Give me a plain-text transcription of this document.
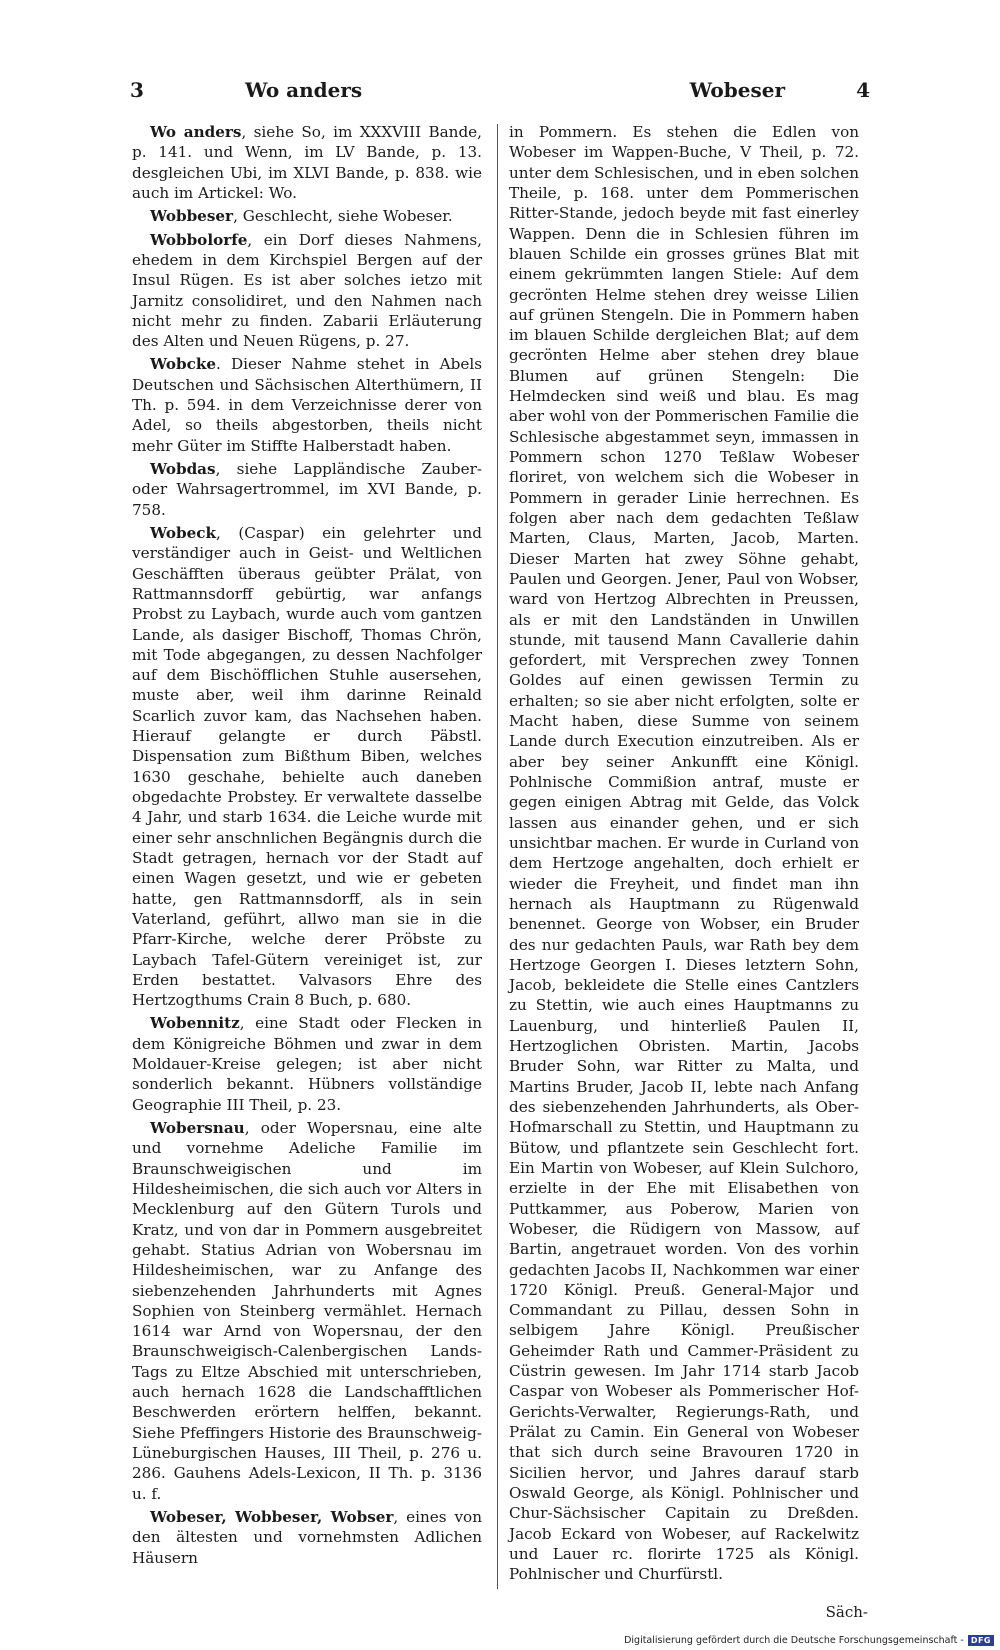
3	Wo anders	Wobeser	4

Wo anders, siehe So, im XXXVIII Bande, p. 141. und Wenn, im LV Bande, p. 13. desgleichen Ubi, im XLVI Bande, p. 838. wie auch im Artickel: Wo.

Wobbeser, Geschlecht, siehe Wobeser.

Wobbolorfe, ein Dorf dieses Nahmens, ehedem in dem Kirchspiel Bergen auf der Insul Rügen. Es ist aber solches ietzo mit Jarnitz consolidiret, und den Nahmen nach nicht mehr zu finden. Zabarii Erläuterung des Alten und Neuen Rügens, p. 27.

Wobcke. Dieser Nahme stehet in Abels Deutschen und Sächsischen Alterthümern, II Th. p. 594. in dem Verzeichnisse derer von Adel, so theils abgestorben, theils nicht mehr Güter im Stiffte Halberstadt haben.

Wobdas, siehe Lappländische Zauber- oder Wahrsagertrommel, im XVI Bande, p. 758.

Wobeck, (Caspar) ein gelehrter und verständiger auch in Geist- und Weltlichen Geschäfften überaus geübter Prälat, von Rattmannsdorff gebürtig, war anfangs Probst zu Laybach, wurde auch vom gantzen Lande, als dasiger Bischoff, Thomas Chrön, mit Tode abgegangen, zu dessen Nachfolger auf dem Bischöfflichen Stuhle ausersehen, muste aber, weil ihm darinne Reinald Scarlich zuvor kam, das Nachsehen haben. Hierauf gelangte er durch Päbstl. Dispensation zum Bißthum Biben, welches 1630 geschahe, behielte auch daneben obgedachte Probstey. Er verwaltete dasselbe 4 Jahr, und starb 1634. die Leiche wurde mit einer sehr anschnlichen Begängnis durch die Stadt getragen, hernach vor der Stadt auf einen Wagen gesetzt, und wie er gebeten hatte, gen Rattmannsdorff, als in sein Vaterland, geführt, allwo man sie in die Pfarr-Kirche, welche derer Pröbste zu Laybach Tafel-Gütern vereiniget ist, zur Erden bestattet. Valvasors Ehre des Hertzogthums Crain 8 Buch, p. 680.

Wobennitz, eine Stadt oder Flecken in dem Königreiche Böhmen und zwar in dem Moldauer-Kreise gelegen; ist aber nicht sonderlich bekannt. Hübners vollständige Geographie III Theil, p. 23.

Wobersnau, oder Wopersnau, eine alte und vornehme Adeliche Familie im Braunschweigischen und im Hildesheimischen, die sich auch vor Alters in Mecklenburg auf den Gütern Turols und Kratz, und von dar in Pommern ausgebreitet gehabt. Statius Adrian von Wobersnau im Hildesheimischen, war zu Anfange des siebenzehenden Jahrhunderts mit Agnes Sophien von Steinberg vermählet. Hernach 1614 war Arnd von Wopersnau, der den Braunschweigisch-Calenbergischen Lands-Tags zu Eltze Abschied mit unterschrieben, auch hernach 1628 die Landschafftlichen Beschwerden erörtern helffen, bekannt. Siehe Pfeffingers Historie des Braunschweig-Lüneburgischen Hauses, III Theil, p. 276 u. 286. Gauhens Adels-Lexicon, II Th. p. 3136 u. f.

Wobeser, Wobbeser, Wobser, eines von den ältesten und vornehmsten Adlichen Häusern

in Pommern. Es stehen die Edlen von Wobeser im Wappen-Buche, V Theil, p. 72. unter dem Schlesischen, und in eben solchen Theile, p. 168. unter dem Pommerischen Ritter-Stande, jedoch beyde mit fast einerley Wappen. Denn die in Schlesien führen im blauen Schilde ein grosses grünes Blat mit einem gekrümmten langen Stiele: Auf dem gecrönten Helme stehen drey weisse Lilien auf grünen Stengeln. Die in Pommern haben im blauen Schilde dergleichen Blat; auf dem gecrönten Helme aber stehen drey blaue Blumen auf grünen Stengeln: Die Helmdecken sind weiß und blau. Es mag aber wohl von der Pommerischen Familie die Schlesische abgestammet seyn, immassen in Pommern schon 1270 Teßlaw Wobeser floriret, von welchem sich die Wobeser in Pommern in gerader Linie herrechnen. Es folgen aber nach dem gedachten Teßlaw Marten, Claus, Marten, Jacob, Marten. Dieser Marten hat zwey Söhne gehabt, Paulen und Georgen. Jener, Paul von Wobser, ward von Hertzog Albrechten in Preussen, als er mit den Landständen in Unwillen stunde, mit tausend Mann Cavallerie dahin gefordert, mit Versprechen zwey Tonnen Goldes auf einen gewissen Termin zu erhalten; so sie aber nicht erfolgten, solte er Macht haben, diese Summe von seinem Lande durch Execution einzutreiben. Als er aber bey seiner Ankunfft eine Königl. Pohlnische Commißion antraf, muste er gegen einigen Abtrag mit Gelde, das Volck lassen aus einander gehen, und er sich unsichtbar machen. Er wurde in Curland von dem Hertzoge angehalten, doch erhielt er wieder die Freyheit, und findet man ihn hernach als Hauptmann zu Rügenwald benennet. George von Wobser, ein Bruder des nur gedachten Pauls, war Rath bey dem Hertzoge Georgen I. Dieses letztern Sohn, Jacob, bekleidete die Stelle eines Cantzlers zu Stettin, wie auch eines Hauptmanns zu Lauenburg, und hinterließ Paulen II, Hertzoglichen Obristen. Martin, Jacobs Bruder Sohn, war Ritter zu Malta, und Martins Bruder, Jacob II, lebte nach Anfang des siebenzehenden Jahrhunderts, als Ober-Hofmarschall zu Stettin, und Hauptmann zu Bütow, und pflantzete sein Geschlecht fort. Ein Martin von Wobeser, auf Klein Sulchoro, erzielte in der Ehe mit Elisabethen von Puttkammer, aus Poberow, Marien von Wobeser, die Rüdigern von Massow, auf Bartin, angetrauet worden. Von des vorhin gedachten Jacobs II, Nachkommen war einer 1720 Königl. Preuß. General-Major und Commandant zu Pillau, dessen Sohn in selbigem Jahre Königl. Preußischer Geheimder Rath und Cammer-Präsident zu Cüstrin gewesen. Im Jahr 1714 starb Jacob Caspar von Wobeser als Pommerischer Hof-Gerichts-Verwalter, Regierungs-Rath, und Prälat zu Camin. Ein General von Wobeser that sich durch seine Bravouren 1720 in Sicilien hervor, und Jahres darauf starb Oswald George, als Königl. Pohlnischer und Chur-Sächsischer Capitain zu Dreßden. Jacob Eckard von Wobeser, auf Rackelwitz und Lauer rc. florirte 1725 als Königl. Pohlnischer und Churfürstl.

Säch-
Digitalisierung gefördert durch die Deutsche Forschungsgemeinschaft - DFG
